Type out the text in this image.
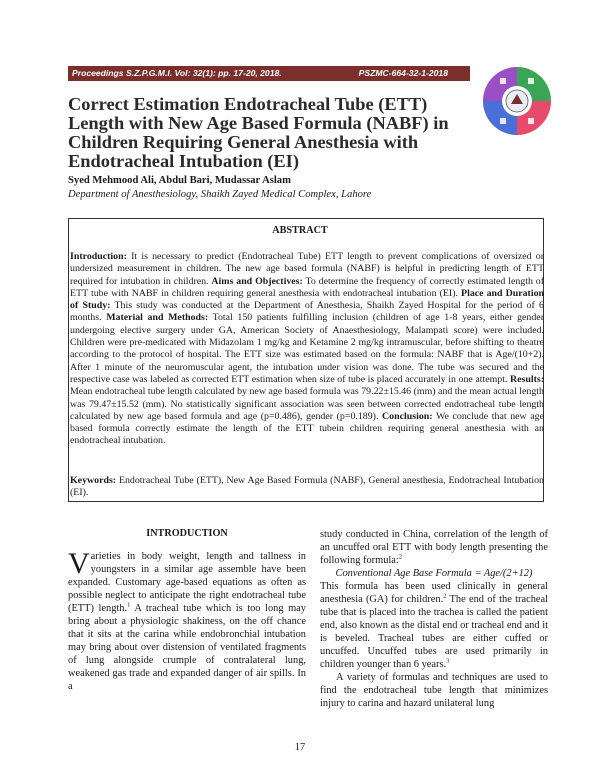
Proceedings S.Z.P.G.M.I. Vol: 32(1): pp. 17-20, 2018.	PSZMC-664-32-1-2018
Correct Estimation Endotracheal Tube (ETT) Length with New Age Based Formula (NABF) in Children Requiring General Anesthesia with Endotracheal Intubation (EI)
Syed Mehmood Ali, Abdul Bari, Mudassar Aslam
Department of Anesthesiology, Shaikh Zayed Medical Complex, Lahore
ABSTRACT
Introduction: It is necessary to predict (Endotracheal Tube) ETT length to prevent complications of oversized or undersized measurement in children. The new age based formula (NABF) is helpful in predicting length of ETT required for intubation in children. Aims and Objectives: To determine the frequency of correctly estimated length of ETT tube with NABF in children requiring general anesthesia with endotracheal intubation (EI). Place and Duration of Study: This study was conducted at the Department of Anesthesia, Shaikh Zayed Hospital for the period of 6 months. Material and Methods: Total 150 patients fulfilling inclusion (children of age 1-8 years, either gender undergoing elective surgery under GA, American Society of Anaesthesiology, Malampati score) were included. Children were pre-medicated with Midazolam 1 mg/kg and Ketamine 2 mg/kg intramuscular, before shifting to theatre according to the protocol of hospital. The ETT size was estimated based on the formula: NABF that is Age/(10+2). After 1 minute of the neuromuscular agent, the intubation under vision was done. The tube was secured and the respective case was labeled as corrected ETT estimation when size of tube is placed accurately in one attempt. Results: Mean endotracheal tube length calculated by new age based formula was 79.22±15.46 (mm) and the mean actual length was 79.47±15.52 (mm). No statistically significant association was seen between corrected endotracheal tube length calculated by new age based formula and age (p=0.486), gender (p=0.189). Conclusion: We conclude that new age based formula correctly estimate the length of the ETT tubein children requiring general anesthesia with an endotracheal intubation.
Keywords: Endotracheal Tube (ETT), New Age Based Formula (NABF), General anesthesia, Endotracheal Intubation (EI).
INTRODUCTION
Varieties in body weight, length and tallness in youngsters in a similar age assemble have been expanded. Customary age-based equations as often as possible neglect to anticipate the right endotracheal tube (ETT) length.$^1$ A tracheal tube which is too long may bring about a physiologic shakiness, on the off chance that it sits at the carina while endobronchial intubation may bring about over distension of ventilated fragments of lung alongside crumple of contralateral lung, weakened gas trade and expanded danger of air spills. In a

study conducted in China, correlation of the length of an uncuffed oral ETT with body length presenting the following formula:$^2$

Conventional Age Base Formula = Age/(2+12)

This formula has been used clinically in general anesthesia (GA) for children.$^2$ The end of the tracheal tube that is placed into the trachea is called the patient end, also known as the distal end or tracheal end and it is beveled. Tracheal tubes are either cuffed or uncuffed. Uncuffed tubes are used primarily in children younger than 6 years.$^3$

A variety of formulas and techniques are used to find the endotracheal tube length that minimizes injury to carina and hazard unilateral lung

17
